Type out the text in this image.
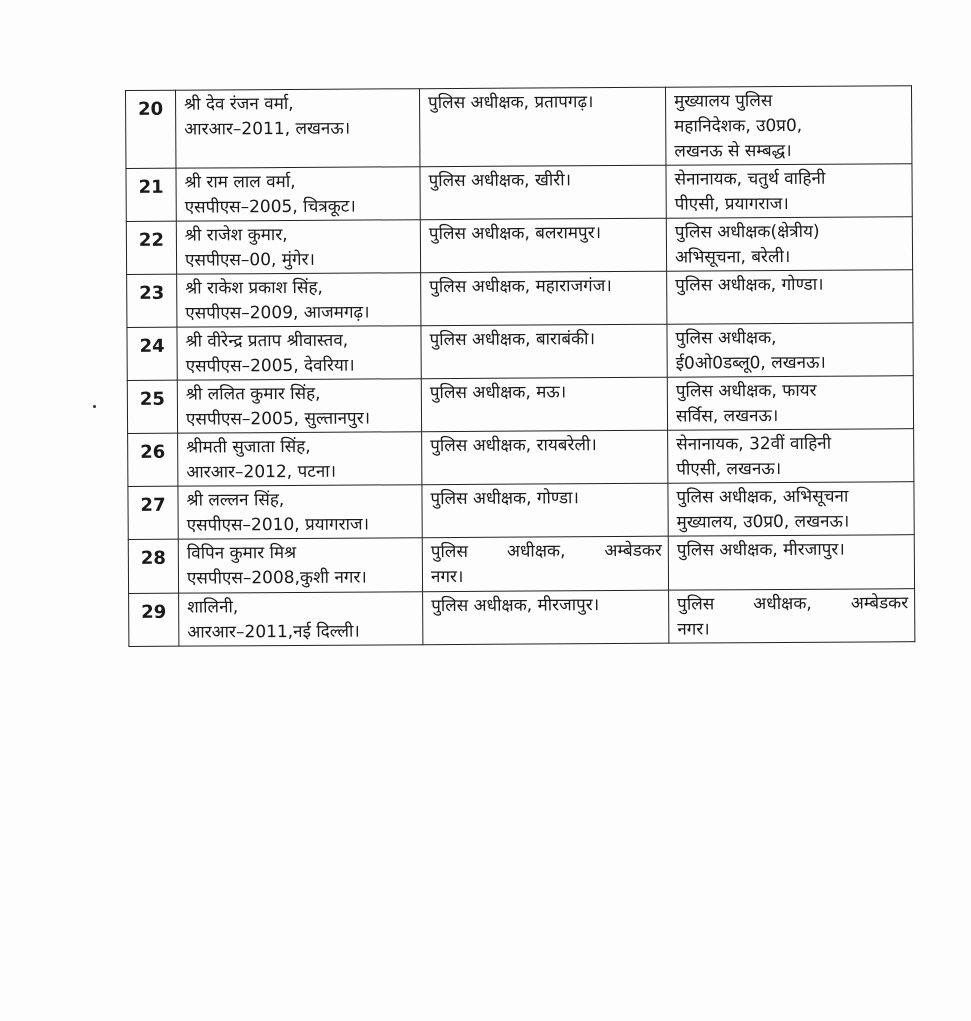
20	श्री देव रंजन वर्मा,
आरआर–2011, लखनऊ।	पुलिस अधीक्षक, प्रतापगढ़।	मुख्यालय पुलिस
महानिदेशक, उ0प्र0,
लखनऊ से सम्बद्ध।

21	श्री राम लाल वर्मा,
एसपीएस–2005, चित्रकूट।	पुलिस अधीक्षक, खीरी।	सेनानायक, चतुर्थ वाहिनी
पीएसी, प्रयागराज।

22	श्री राजेश कुमार,
एसपीएस–00, मुंगेर।	पुलिस अधीक्षक, बलरामपुर।	पुलिस अधीक्षक(क्षेत्रीय)
अभिसूचना, बरेली।

23	श्री राकेश प्रकाश सिंह,
एसपीएस–2009, आजमगढ़।	पुलिस अधीक्षक, महाराजगंज।	पुलिस अधीक्षक, गोण्डा।

24	श्री वीरेन्द्र प्रताप श्रीवास्तव,
एसपीएस–2005, देवरिया।	पुलिस अधीक्षक, बाराबंकी।	पुलिस अधीक्षक,
ई0ओ0डब्लू0, लखनऊ।

25	श्री ललित कुमार सिंह,
एसपीएस–2005, सुल्तानपुर।	पुलिस अधीक्षक, मऊ।	पुलिस अधीक्षक, फायर
सर्विस, लखनऊ।

26	श्रीमती सुजाता सिंह,
आरआर–2012, पटना।	पुलिस अधीक्षक, रायबरेली।	सेनानायक, 32वीं वाहिनी
पीएसी, लखनऊ।

27	श्री लल्लन सिंह,
एसपीएस–2010, प्रयागराज।	पुलिस अधीक्षक, गोण्डा।	पुलिस अधीक्षक, अभिसूचना
मुख्यालय, उ0प्र0, लखनऊ।

28	विपिन कुमार मिश्र
एसपीएस–2008,कुशी नगर।	पुलिस अधीक्षक, अम्बेडकर
नगर।	पुलिस अधीक्षक, मीरजापुर।

29	शालिनी,
आरआर–2011,नई दिल्ली।	पुलिस अधीक्षक, मीरजापुर।	पुलिस अधीक्षक, अम्बेडकर
नगर।
